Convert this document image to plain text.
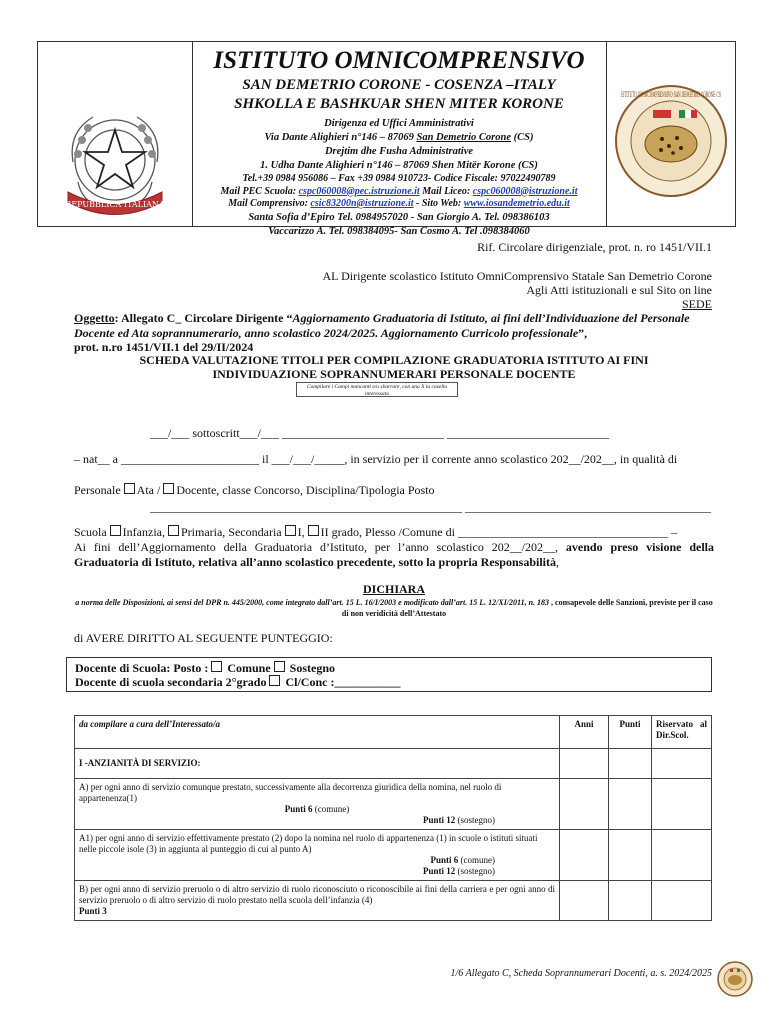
REPUBBLICA ITALIANA
ISTITUTO OMNICOMPRENSIVO SAN DEMETRIO CORONE CS
ISTITUTO OMNICOMPRENSIVO
SAN DEMETRIO CORONE - COSENZA –ITALY
SHKOLLA E BASHKUAR SHEN MITER KORONE
Dirigenza ed Uffici Amministrativi
Via Dante Alighieri n°146 – 87069 San Demetrio Corone (CS)
Drejtim dhe Fusha Administrative
1. Udha Dante Alighieri n°146 – 87069 Shen Mitër Korone (CS)
Tel.+39 0984 956086 – Fax +39 0984 910723- Codice Fiscale: 97022490789
Mail PEC Scuola: cspc060008@pec.istruzione.it Mail Liceo: cspc060008@istruzione.it
Mail Comprensivo: csic83200n@istruzione.it - Sito Web: www.iosandemetrio.edu.it
Santa Sofia d’Epiro Tel. 0984957020 - San Giorgio A. Tel. 098386103
Vaccarizzo A. Tel. 098384095- San Cosmo A. Tel .098384060
Rif. Circolare dirigenziale, prot. n. ro 1451/VII.1
AL Dirigente scolastico Istituto OmniComprensivo Statale San Demetrio Corone
Agli Atti istituzionali e sul Sito on line
SEDE
Oggetto: Allegato C_ Circolare Dirigente “Aggiornamento Graduatoria di Istituto, ai fini dell’Individuazione del Personale Docente ed Ata soprannumerario, anno scolastico 2024/2025. Aggiornamento Curricolo professionale”,
prot. n.ro 1451/VII.1 del 29/II/2024
SCHEDA VALUTAZIONE TITOLI PER COMPILAZIONE GRADUATORIA ISTITUTO AI FINI
INDIVIDUAZIONE SOPRANNUMERARI PERSONALE DOCENTE
Compilare i Campi mancanti e/o sbarrare, con una X la casella interessata
___/___ sottoscritt___/___ ___________________________ ___________________________
– nat__ a _______________________ il ___/___/_____, in servizio per il corrente anno scolastico 202__/202__, in qualità di
Personale Ata / Docente, classe Concorso, Disciplina/Tipologia Posto
____________________________________________________ _________________________________________
Scuola Infanzia, Primaria, Secondaria I, II grado, Plesso /Comune di ___________________________________ –
Ai fini dell’Aggiornamento della Graduatoria d’Istituto, per l’anno scolastico 202__/202__, avendo preso visione della Graduatoria di Istituto, relativa all’anno scolastico precedente, sotto la propria Responsabilità,
DICHIARA
a norma delle Disposizioni, ai sensi del DPR n. 445/2000, come integrato dall’art. 15 L. 16/I/2003 e modificato dall’art. 15 L. 12/XI/2011, n. 183 , consapevole delle Sanzioni, previste per il caso di non veridicità dell’Attestato
di AVERE DIRITTO AL SEGUENTE PUNTEGGIO:
Docente di Scuola: Posto :  Comune  Sostegno
Docente di scuola secondaria 2°grado  Cl/Conc :___________
da compilare a cura dell’Interessato/a	Anni	Punti	Riservato al Dir.Scol.
I -ANZIANITÀ DI SERVIZIO:			

A) per ogni anno di servizio comunque prestato, successivamente alla decorrenza giuridica della nomina, nel ruolo di appartenenza(1)
Punti 6 (comune)
Punti 12 (sostegno)			

A1) per ogni anno di servizio effettivamente prestato (2) dopo la nomina nel ruolo di appartenenza (1) in scuole o istituti situati nelle piccole isole (3) in aggiunta al punteggio di cui al punto A)
Punti 6 (comune)
Punti 12 (sostegno)			

B) per ogni anno di servizio preruolo o di altro servizio di ruolo riconosciuto o riconoscibile ai fini della carriera e per ogni anno di servizio preruolo o di altro servizio di ruolo prestato nella scuola dell’infanzia (4)
Punti 3			

1/6 Allegato C, Scheda Soprannumerari Docenti, a. s. 2024/2025
